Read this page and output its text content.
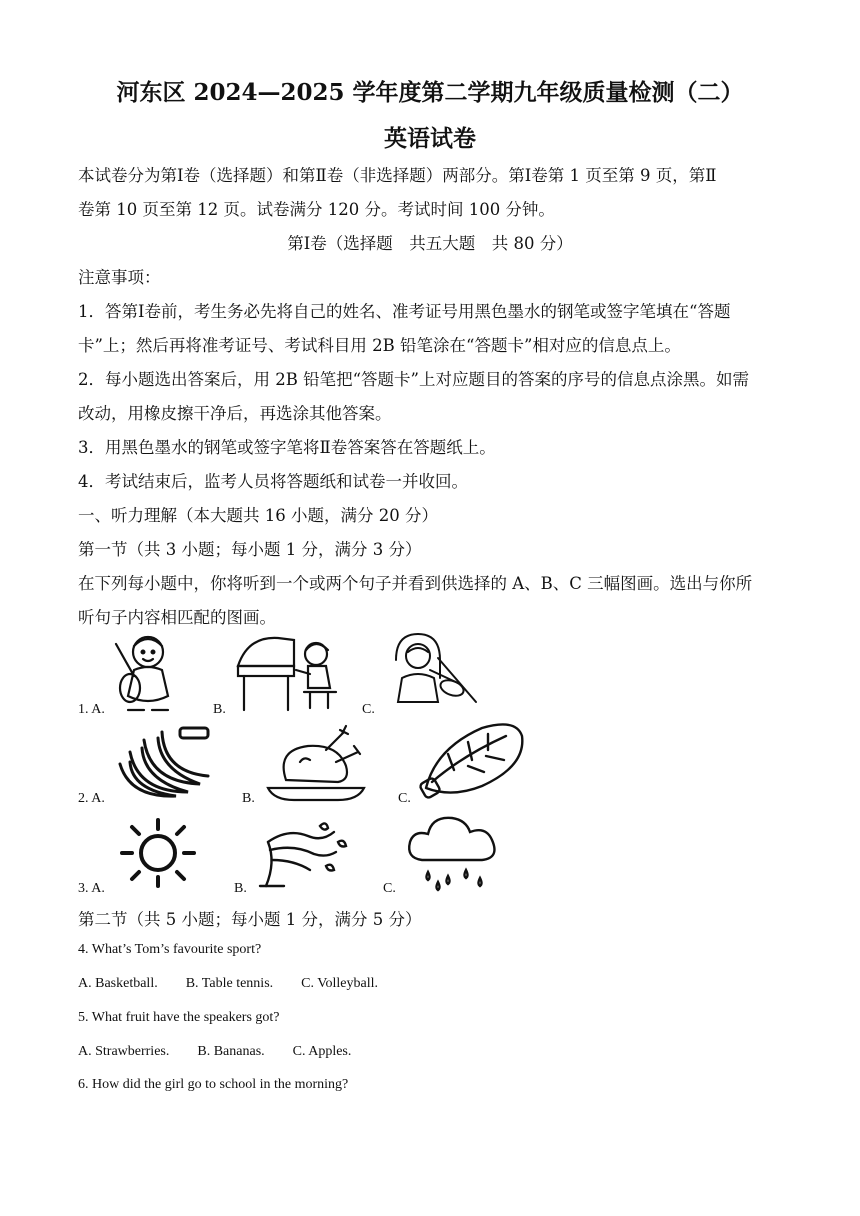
河东区 2024—2025 学年度第二学期九年级质量检测（二）
英语试卷
本试卷分为第Ⅰ卷（选择题）和第Ⅱ卷（非选择题）两部分。第Ⅰ卷第 1 页至第 9 页，第Ⅱ
卷第 10 页至第 12 页。试卷满分 120 分。考试时间 100 分钟。
第Ⅰ卷（选择题　共五大题　共 80 分）
注意事项：
1．答第Ⅰ卷前，考生务必先将自己的姓名、准考证号用黑色墨水的钢笔或签字笔填在“答题
卡”上；然后再将准考证号、考试科目用 2B 铅笔涂在“答题卡”相对应的信息点上。
2．每小题选出答案后，用 2B 铅笔把“答题卡”上对应题目的答案的序号的信息点涂黑。如需
改动，用橡皮擦干净后，再选涂其他答案。
3．用黑色墨水的钢笔或签字笔将Ⅱ卷答案答在答题纸上。
4．考试结束后，监考人员将答题纸和试卷一并收回。
一、听力理解（本大题共 16 小题，满分 20 分）
第一节（共 3 小题；每小题 1 分，满分 3 分）
在下列每小题中，你将听到一个或两个句子并看到供选择的 A、B、C 三幅图画。选出与你所
听句子内容相匹配的图画。
1. A.	B.	C.
2. A.	B.	C.
3. A.	B.	C.
第二节（共 5 小题；每小题 1 分，满分 5 分）
4. What’s Tom’s favourite sport?
A. Basketball. B. Table tennis. C. Volleyball.
5. What fruit have the speakers got?
A. Strawberries. B. Bananas. C. Apples.
6. How did the girl go to school in the morning?
